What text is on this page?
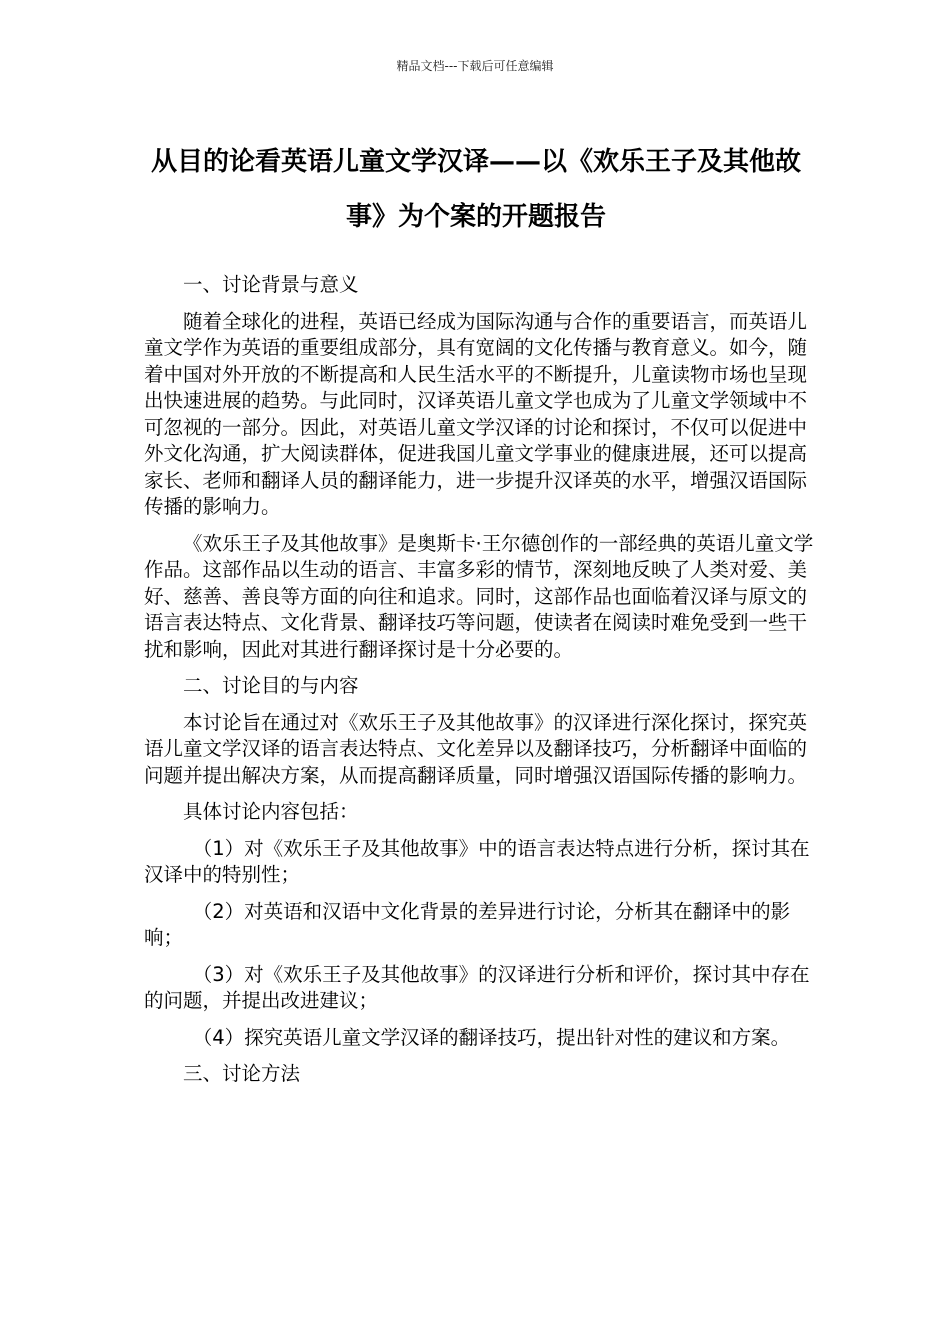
精品文档---下载后可任意编辑
从目的论看英语儿童文学汉译——以《欢乐王子及其他故事》为个案的开题报告

一、讨论背景与意义

随着全球化的进程，英语已经成为国际沟通与合作的重要语言，而英语儿童文学作为英语的重要组成部分，具有宽阔的文化传播与教育意义。如今，随着中国对外开放的不断提高和人民生活水平的不断提升，儿童读物市场也呈现出快速进展的趋势。与此同时，汉译英语儿童文学也成为了儿童文学领域中不可忽视的一部分。因此，对英语儿童文学汉译的讨论和探讨，不仅可以促进中外文化沟通，扩大阅读群体，促进我国儿童文学事业的健康进展，还可以提高家长、老师和翻译人员的翻译能力，进一步提升汉译英的水平，增强汉语国际传播的影响力。

《欢乐王子及其他故事》是奥斯卡·王尔德创作的一部经典的英语儿童文学作品。这部作品以生动的语言、丰富多彩的情节，深刻地反映了人类对爱、美好、慈善、善良等方面的向往和追求。同时，这部作品也面临着汉译与原文的语言表达特点、文化背景、翻译技巧等问题，使读者在阅读时难免受到一些干扰和影响，因此对其进行翻译探讨是十分必要的。

二、讨论目的与内容

本讨论旨在通过对《欢乐王子及其他故事》的汉译进行深化探讨，探究英语儿童文学汉译的语言表达特点、文化差异以及翻译技巧，分析翻译中面临的问题并提出解决方案，从而提高翻译质量，同时增强汉语国际传播的影响力。

具体讨论内容包括：

（1）对《欢乐王子及其他故事》中的语言表达特点进行分析，探讨其在汉译中的特别性；

（2）对英语和汉语中文化背景的差异进行讨论，分析其在翻译中的影响；

（3）对《欢乐王子及其他故事》的汉译进行分析和评价，探讨其中存在的问题，并提出改进建议；

（4）探究英语儿童文学汉译的翻译技巧，提出针对性的建议和方案。

三、讨论方法
